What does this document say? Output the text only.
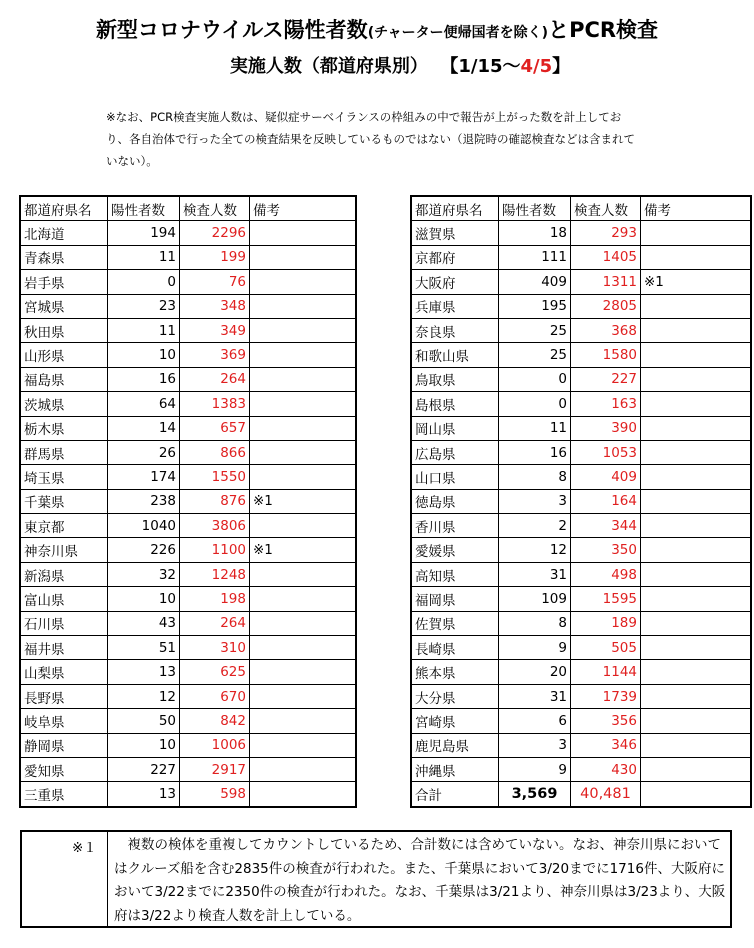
新型コロナウイルス陽性者数(チャーター便帰国者を除く)とPCR検査
実施人数（都道府県別） 【1/15～4/5】
※なお、PCR検査実施人数は、疑似症サーベイランスの枠組みの中で報告が上がった数を計上しており、各自治体で行った全ての検査結果を反映しているものではない（退院時の確認検査などは含まれていない）。
都道府県名	陽性者数	検査人数	備考
北海道	194	2296	
青森県	11	199	
岩手県	0	76	
宮城県	23	348	
秋田県	11	349	
山形県	10	369	
福島県	16	264	
茨城県	64	1383	
栃木県	14	657	
群馬県	26	866	
埼玉県	174	1550	
千葉県	238	876	※1
東京都	1040	3806	
神奈川県	226	1100	※1
新潟県	32	1248	
富山県	10	198	
石川県	43	264	
福井県	51	310	
山梨県	13	625	
長野県	12	670	
岐阜県	50	842	
静岡県	10	1006	
愛知県	227	2917	
三重県	13	598	
都道府県名	陽性者数	検査人数	備考
滋賀県	18	293	
京都府	111	1405	
大阪府	409	1311	※1
兵庫県	195	2805	
奈良県	25	368	
和歌山県	25	1580	
鳥取県	0	227	
島根県	0	163	
岡山県	11	390	
広島県	16	1053	
山口県	8	409	
徳島県	3	164	
香川県	2	344	
愛媛県	12	350	
高知県	31	498	
福岡県	109	1595	
佐賀県	8	189	
長崎県	9	505	
熊本県	20	1144	
大分県	31	1739	
宮崎県	6	356	
鹿児島県	3	346	
沖縄県	9	430	
合計	3,569	40,481	
※１ 　複数の検体を重複してカウントしているため、合計数には含めていない。なお、神奈川県においてはクルーズ船を含む2835件の検査が行われた。また、千葉県において3/20までに1716件、大阪府において3/22までに2350件の検査が行われた。なお、千葉県は3/21より、神奈川県は3/23より、大阪府は3/22より検査人数を計上している。
